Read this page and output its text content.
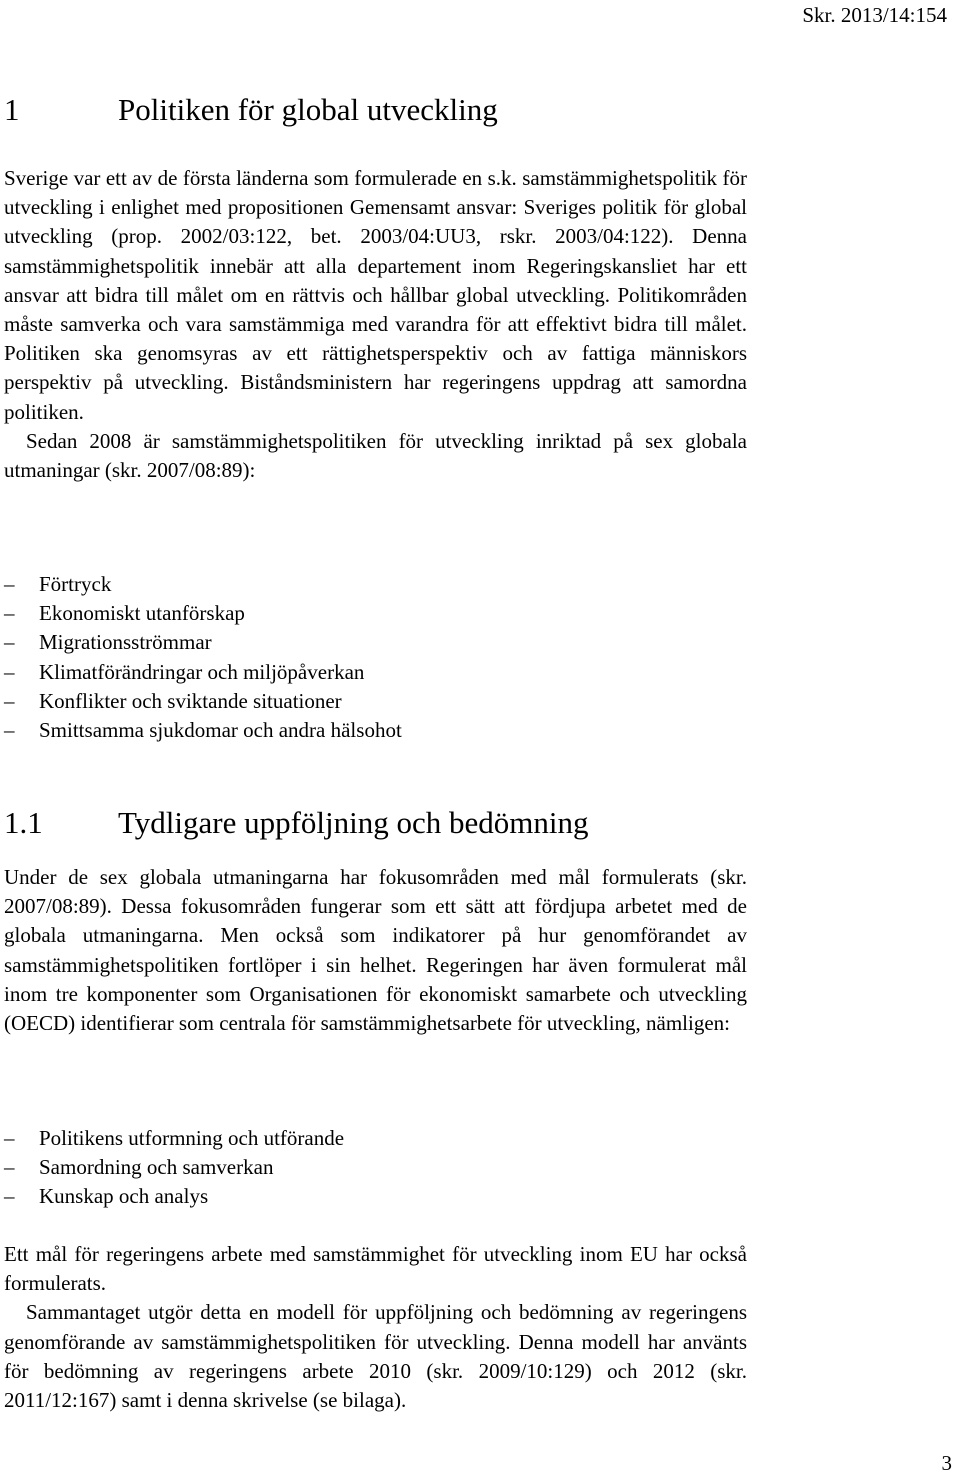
Skr. 2013/14:154
1	Politiken för global utveckling

Sverige var ett av de första länderna som formulerade en s.k. samstämmighetspolitik för utveckling i enlighet med propositionen Gemensamt ansvar: Sveriges politik för global utveckling (prop. 2002/03:122, bet. 2003/04:UU3, rskr. 2003/04:122). Denna samstämmighetspolitik innebär att alla departement inom Regeringskansliet har ett ansvar att bidra till målet om en rättvis och hållbar global utveckling. Politikområden måste samverka och vara samstämmiga med varandra för att effektivt bidra till målet. Politiken ska genomsyras av ett rättighetsperspektiv och av fattiga människors perspektiv på utveckling. Biståndsministern har regeringens uppdrag att samordna politiken.

Sedan 2008 är samstämmighetspolitiken för utveckling inriktad på sex globala utmaningar (skr. 2007/08:89):

–	Förtryck
–	Ekonomiskt utanförskap
–	Migrationsströmmar
–	Klimatförändringar och miljöpåverkan
–	Konflikter och sviktande situationer
–	Smittsamma sjukdomar och andra hälsohot
1.1	Tydligare uppföljning och bedömning

Under de sex globala utmaningarna har fokusområden med mål formulerats (skr. 2007/08:89). Dessa fokusområden fungerar som ett sätt att fördjupa arbetet med de globala utmaningarna. Men också som indikatorer på hur genomförandet av samstämmighetspolitiken fortlöper i sin helhet. Regeringen har även formulerat mål inom tre komponenter som Organisationen för ekonomiskt samarbete och utveckling (OECD) identifierar som centrala för samstämmighetsarbete för utveckling, nämligen:

–	Politikens utformning och utförande
–	Samordning och samverkan
–	Kunskap och analys

Ett mål för regeringens arbete med samstämmighet för utveckling inom EU har också formulerats.

Sammantaget utgör detta en modell för uppföljning och bedömning av regeringens genomförande av samstämmighetspolitiken för utveckling. Denna modell har använts för bedömning av regeringens arbete 2010 (skr. 2009/10:129) och 2012 (skr. 2011/12:167) samt i denna skrivelse (se bilaga).

3
